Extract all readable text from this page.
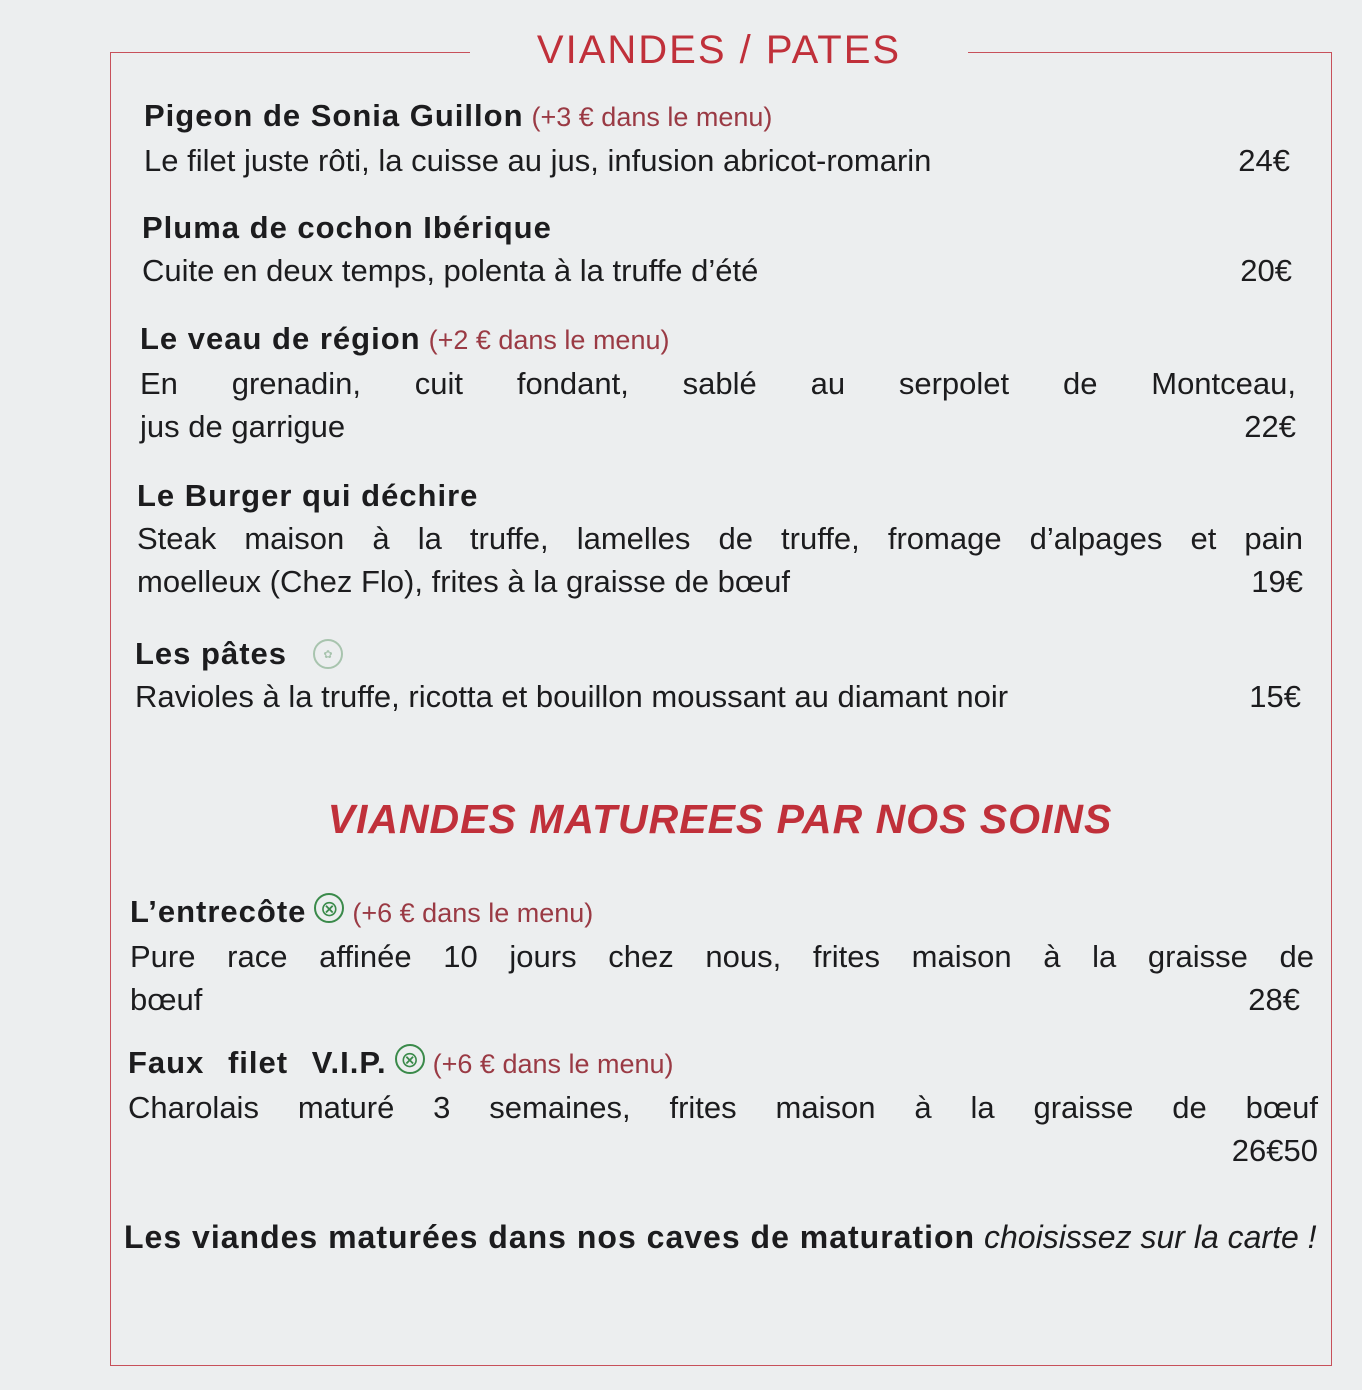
VIANDES / PATES
Pigeon de Sonia Guillon (+3 € dans le menu)
Le filet juste rôti, la cuisse au jus, infusion abricot-romarin	24€
Pluma de cochon Ibérique
Cuite en deux temps, polenta à la truffe d’été	20€
Le veau de région (+2 € dans le menu)
En grenadin, cuit fondant, sablé au serpolet de Montceau,
jus de garrigue	22€
Le Burger qui déchire
Steak maison à la truffe, lamelles de truffe, fromage d’alpages et pain
moelleux (Chez Flo), frites à la graisse de bœuf	19€
Les pâtes	✿
Ravioles à la truffe, ricotta et bouillon moussant au diamant noir	15€
VIANDES MATUREES PAR NOS SOINS
L’entrecôte ⊗ (+6 € dans le menu)
Pure race affinée 10 jours chez nous, frites maison à la graisse de
bœuf	28€
Faux filet V.I.P. ⊗ (+6 € dans le menu)
Charolais maturé 3 semaines, frites maison à la graisse de bœuf
26€50
Les viandes maturées dans nos caves de maturation choisissez sur la carte !
